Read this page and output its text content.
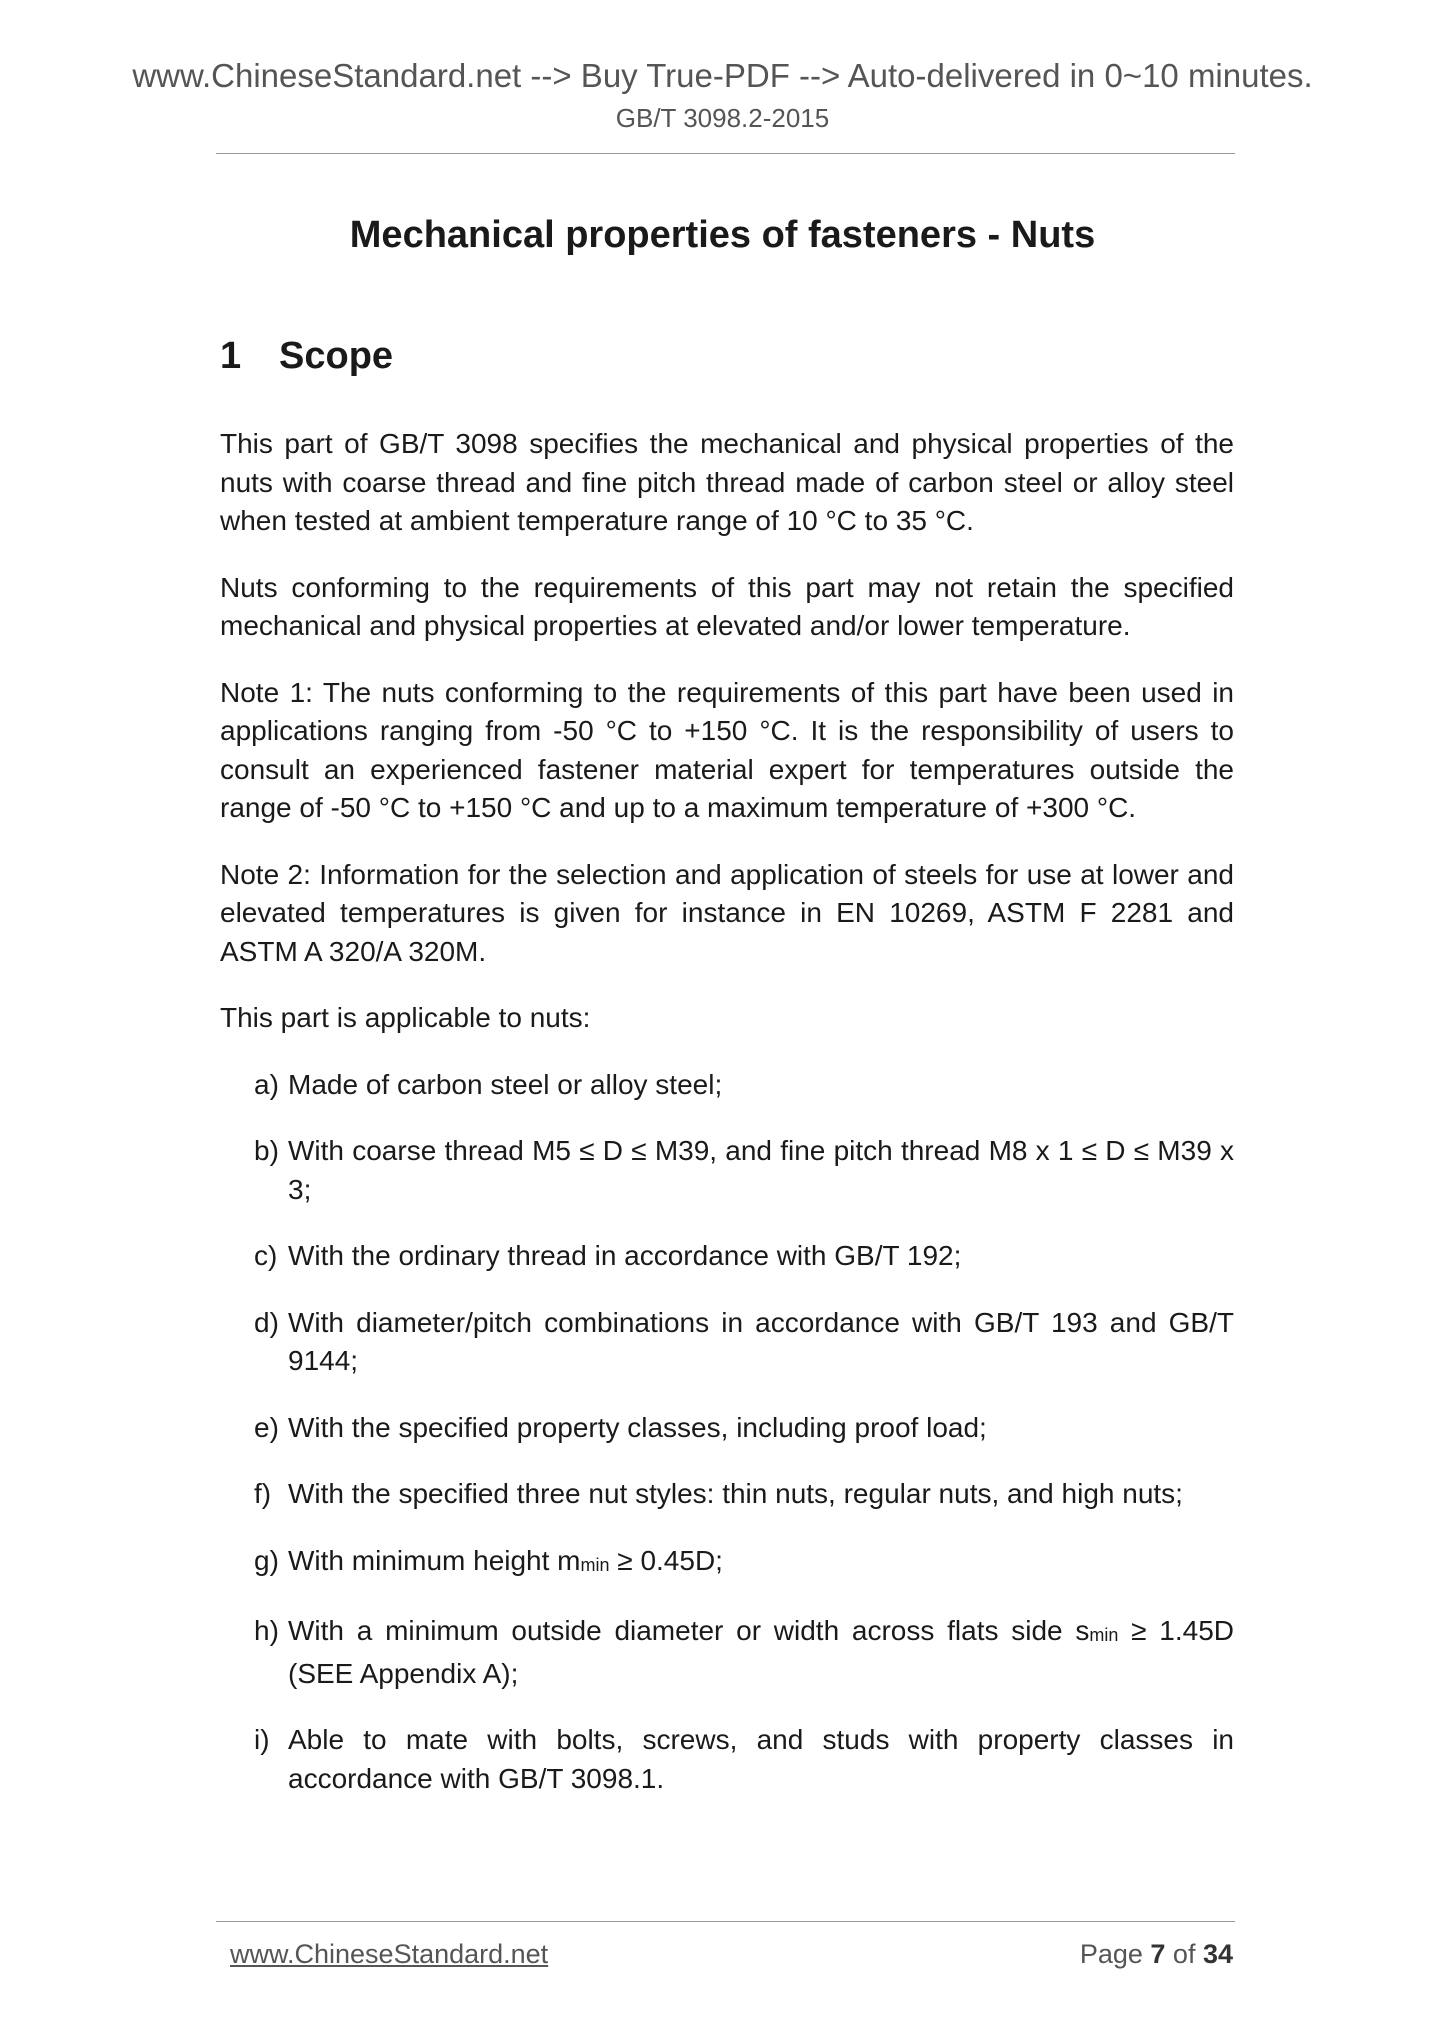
www.ChineseStandard.net --> Buy True-PDF --> Auto-delivered in 0~10 minutes.
GB/T 3098.2-2015
Mechanical properties of fasteners - Nuts
1 Scope

This part of GB/T 3098 specifies the mechanical and physical properties of the nuts with coarse thread and fine pitch thread made of carbon steel or alloy steel when tested at ambient temperature range of 10 °C to 35 °C.

Nuts conforming to the requirements of this part may not retain the specified mechanical and physical properties at elevated and/or lower temperature.

Note 1: The nuts conforming to the requirements of this part have been used in applications ranging from -50 °C to +150 °C. It is the responsibility of users to consult an experienced fastener material expert for temperatures outside the range of -50 °C to +150 °C and up to a maximum temperature of +300 °C.

Note 2: Information for the selection and application of steels for use at lower and elevated temperatures is given for instance in EN 10269, ASTM F 2281 and ASTM A 320/A 320M.

This part is applicable to nuts:

a) Made of carbon steel or alloy steel;
b) With coarse thread M5 ≤ D ≤ M39, and fine pitch thread M8 x 1 ≤ D ≤ M39 x 3;
c) With the ordinary thread in accordance with GB/T 192;
d) With diameter/pitch combinations in accordance with GB/T 193 and GB/T 9144;
e) With the specified property classes, including proof load;
f) With the specified three nut styles: thin nuts, regular nuts, and high nuts;
g) With minimum height $m_{min} \ge 0.45D$;
h) With a minimum outside diameter or width across flats side $s_{min} \ge 1.45D$ (SEE Appendix A);
i) Able to mate with bolts, screws, and studs with property classes in accordance with GB/T 3098.1.
www.ChineseStandard.net	Page 7 of 34
